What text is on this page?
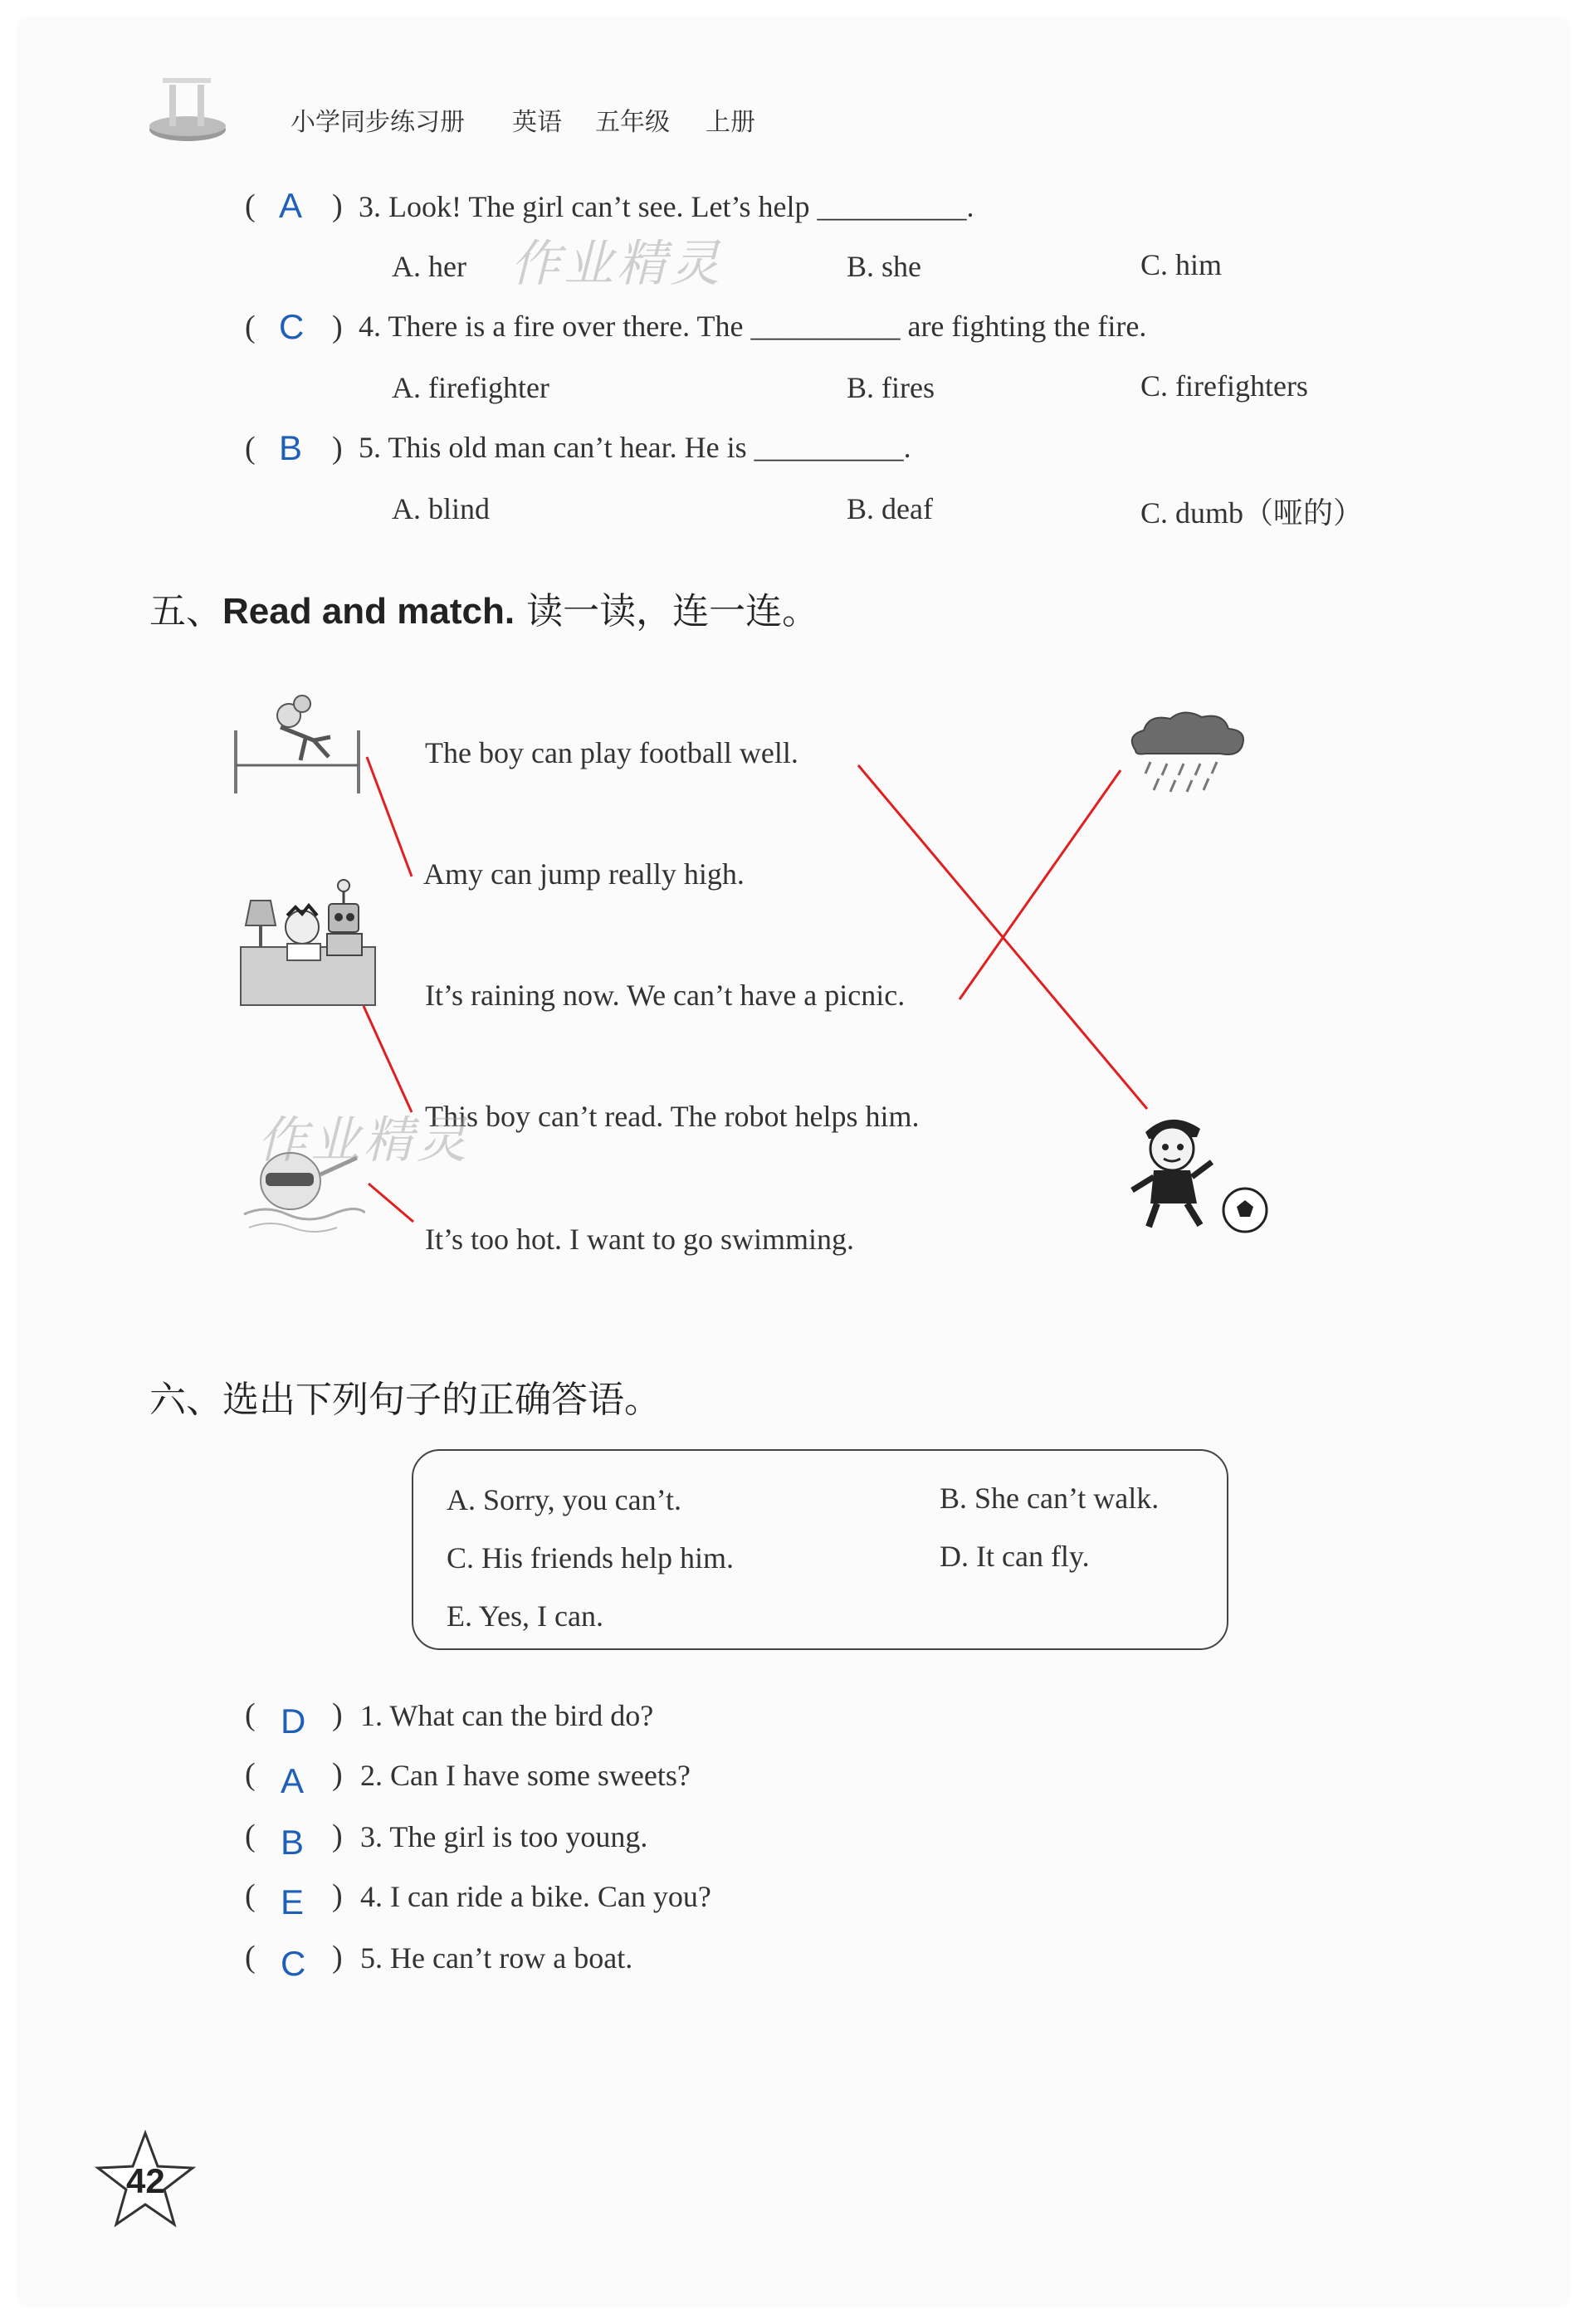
小学同步练习册 英语 五年级 上册
( A ) 3. Look! The girl can’t see. Let’s help __________.
A. her	B. she	C. him
( C ) 4. There is a fire over there. The __________ are fighting the fire.
A. firefighter	B. fires	C. firefighters
( B ) 5. This old man can’t hear. He is __________.
A. blind	B. deaf	C. dumb（哑的）
作业精灵
五、Read and match. 读一读，连一连。
The boy can play football well.
Amy can jump really high.
It’s raining now. We can’t have a picnic.
This boy can’t read. The robot helps him.
It’s too hot. I want to go swimming.
作业精灵
六、选出下列句子的正确答语。
A. Sorry, you can’t.	B. She can’t walk.
C. His friends help him.	D. It can fly.
E. Yes, I can.
( D ) 1. What can the bird do?
( A ) 2. Can I have some sweets?
( B ) 3. The girl is too young.
( E ) 4. I can ride a bike. Can you?
( C ) 5. He can’t row a boat.
42
